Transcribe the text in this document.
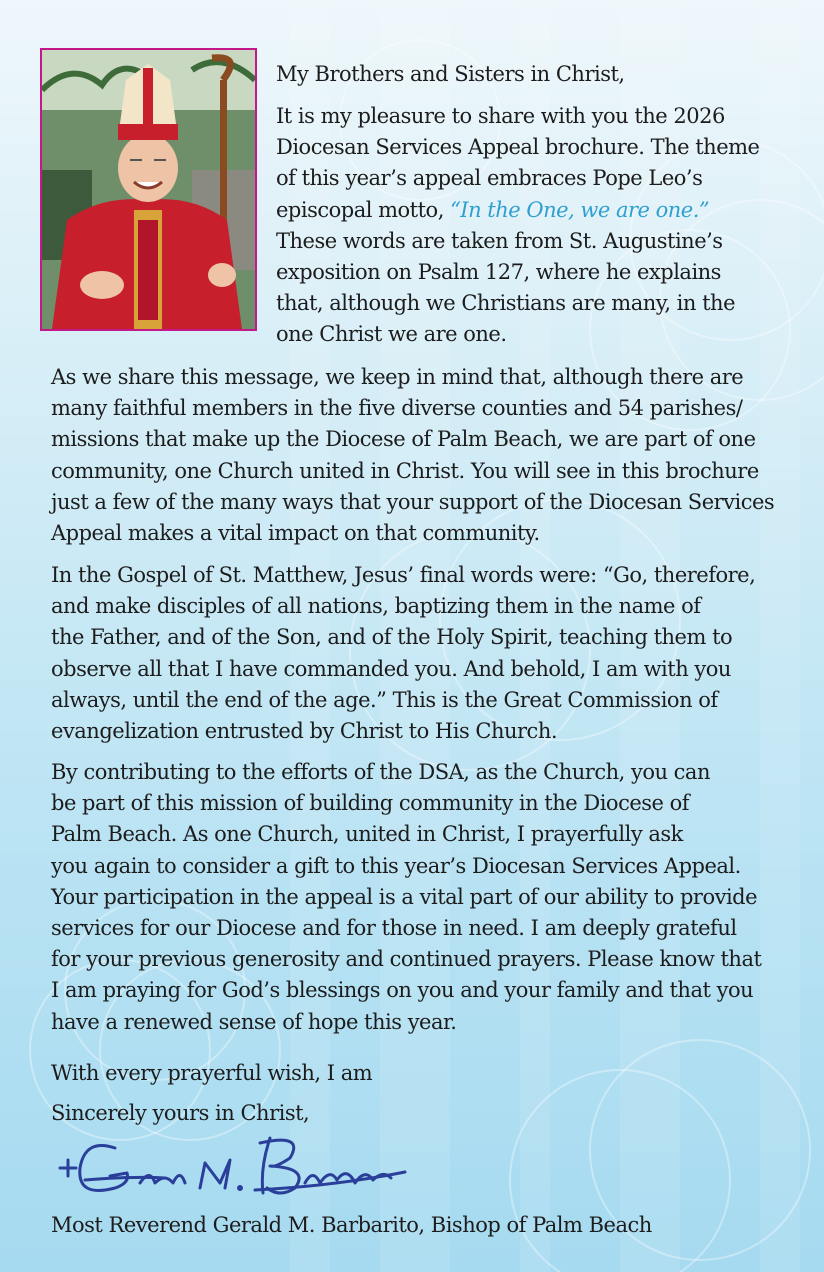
My Brothers and Sisters in Christ,

It is my pleasure to share with you the 2026

Diocesan Services Appeal brochure. The theme

of this year’s appeal embraces Pope Leo’s

episcopal motto, “In the One, we are one.”

These words are taken from St. Augustine’s

exposition on Psalm 127, where he explains

that, although we Christians are many, in the

one Christ we are one.

As we share this message, we keep in mind that, although there are

many faithful members in the five diverse counties and 54 parishes/

missions that make up the Diocese of Palm Beach, we are part of one

community, one Church united in Christ. You will see in this brochure

just a few of the many ways that your support of the Diocesan Services

Appeal makes a vital impact on that community.

In the Gospel of St. Matthew, Jesus’ final words were: “Go, therefore,

and make disciples of all nations, baptizing them in the name of

the Father, and of the Son, and of the Holy Spirit, teaching them to

observe all that I have commanded you. And behold, I am with you

always, until the end of the age.” This is the Great Commission of

evangelization entrusted by Christ to His Church.

By contributing to the efforts of the DSA, as the Church, you can

be part of this mission of building community in the Diocese of

Palm Beach. As one Church, united in Christ, I prayerfully ask

you again to consider a gift to this year’s Diocesan Services Appeal.

Your participation in the appeal is a vital part of our ability to provide

services for our Diocese and for those in need. I am deeply grateful

for your previous generosity and continued prayers. Please know that

I am praying for God’s blessings on you and your family and that you

have a renewed sense of hope this year.

With every prayerful wish, I am
Sincerely yours in Christ,
Most Reverend Gerald M. Barbarito, Bishop of Palm Beach
